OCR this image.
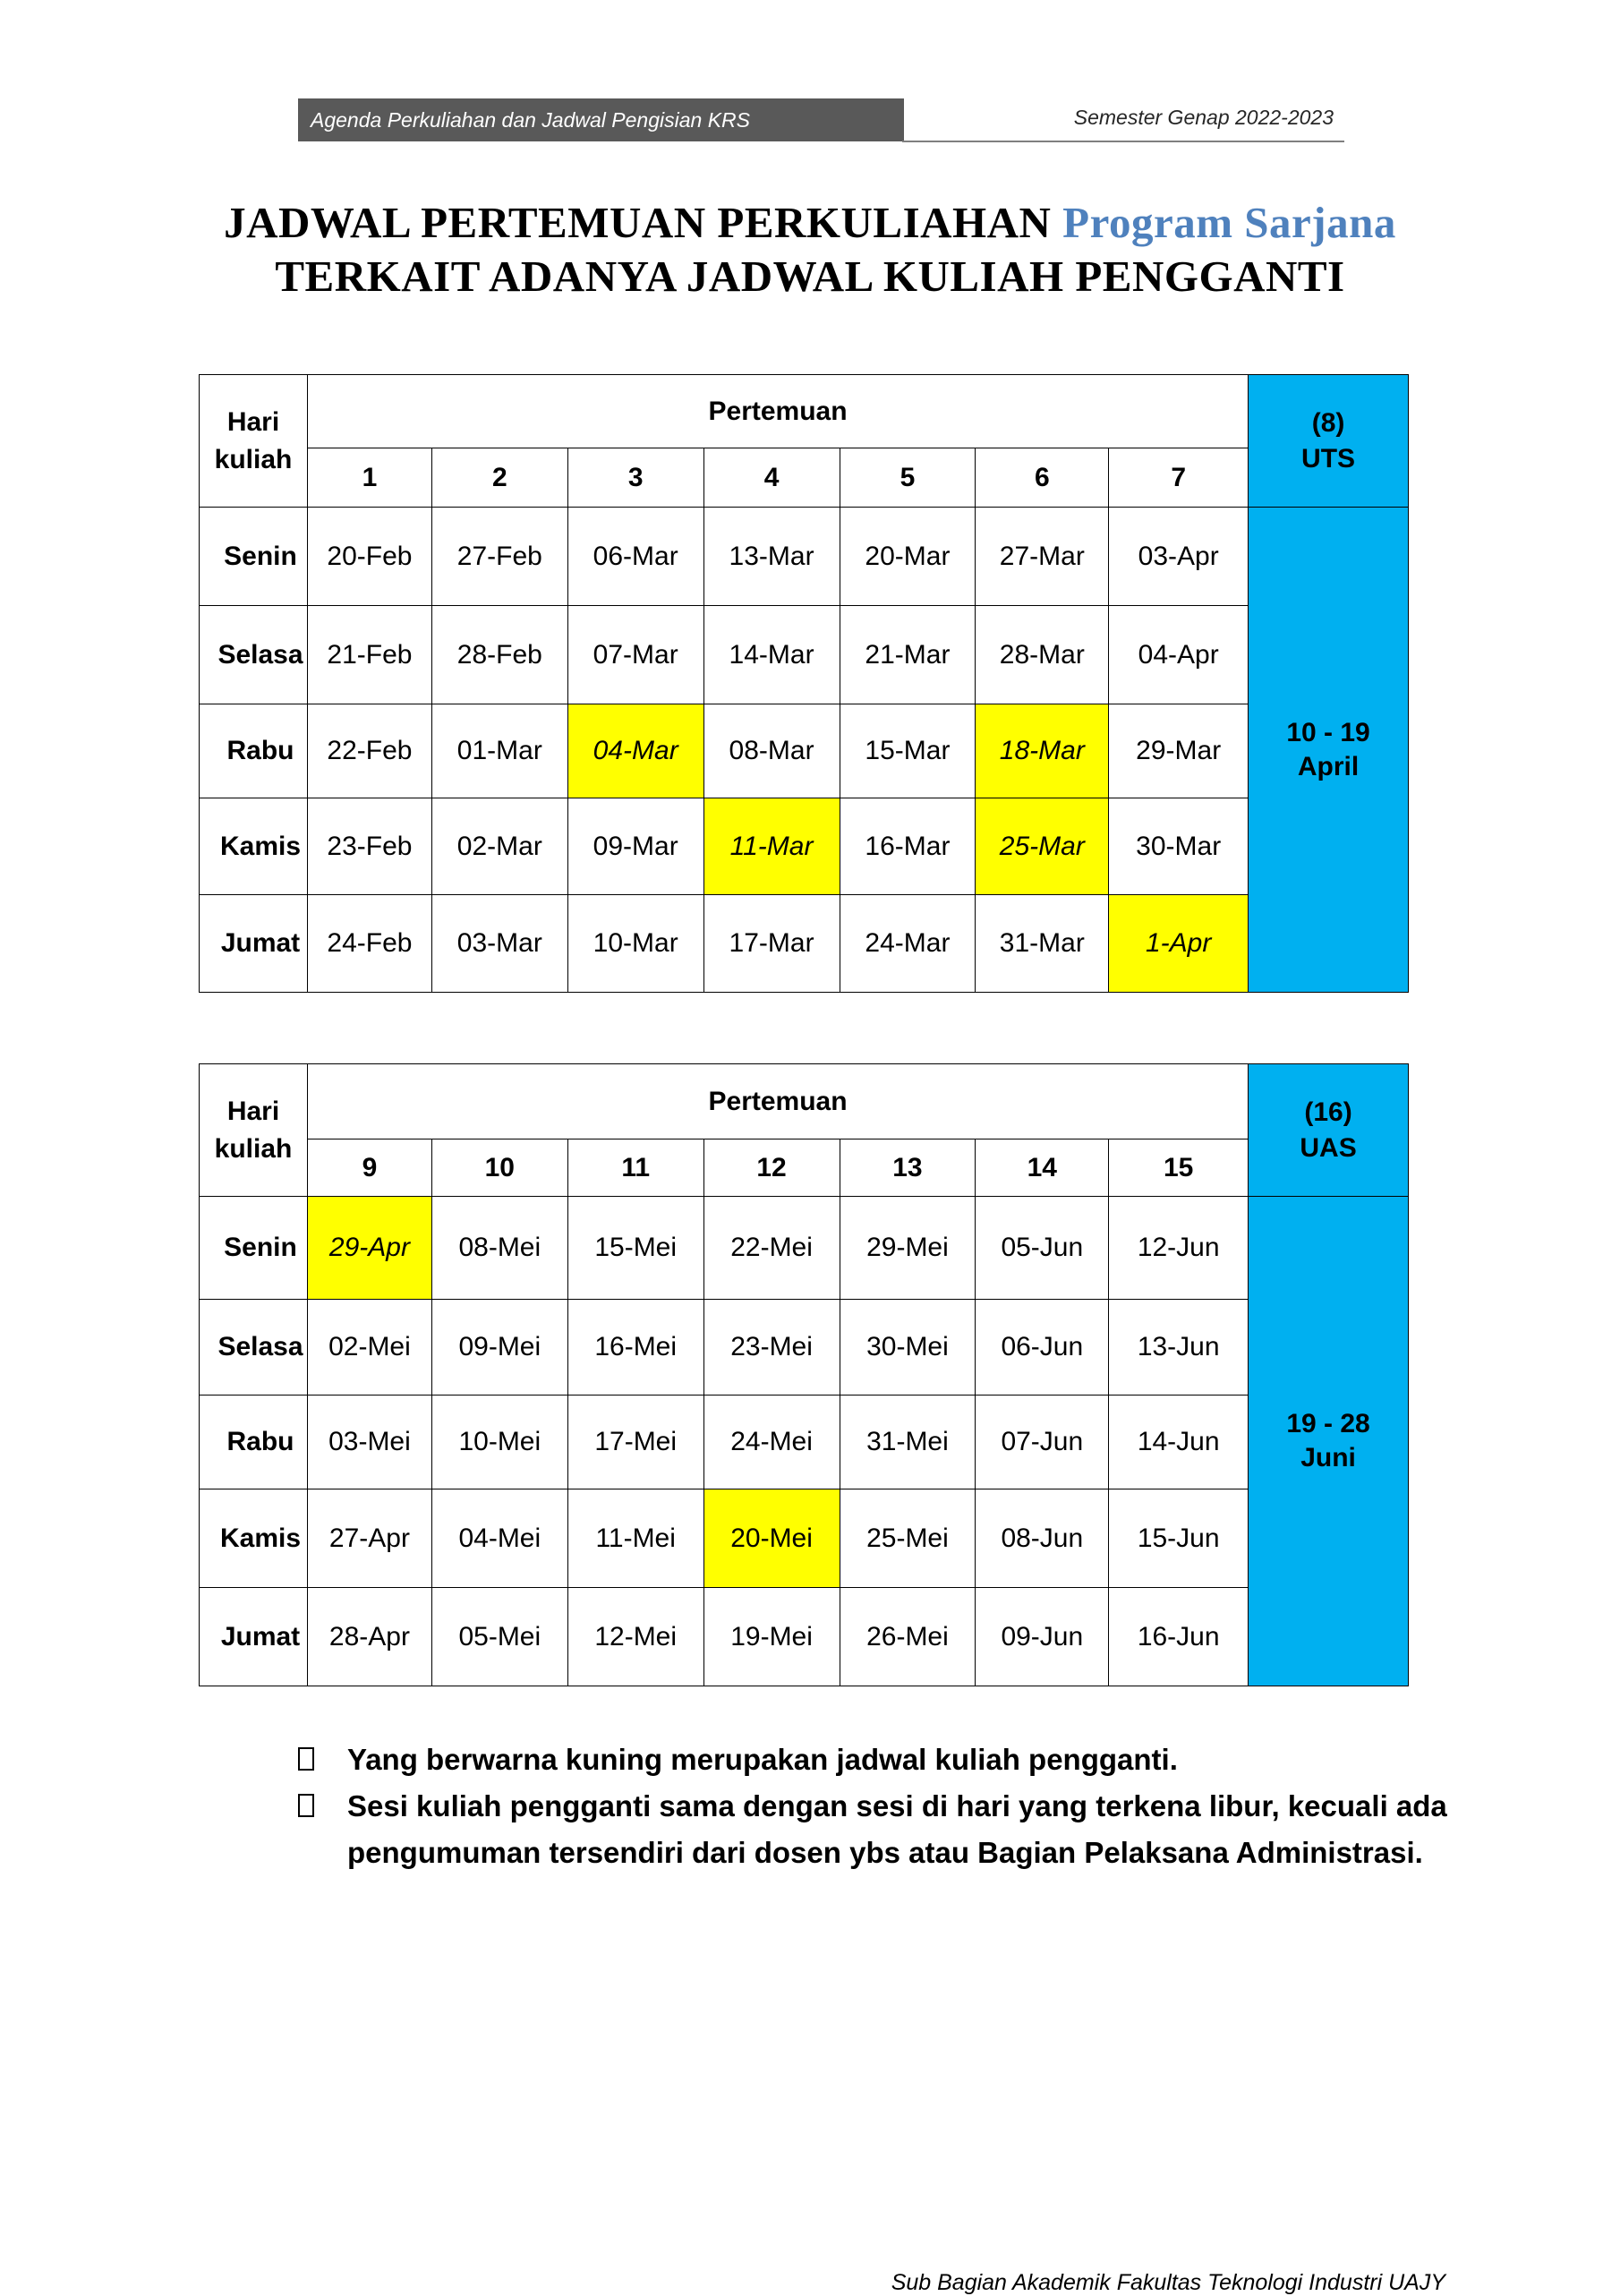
Agenda Perkuliahan dan Jadwal Pengisian KRS	Semester Genap 2022-2023
JADWAL PERTEMUAN PERKULIAHAN Program Sarjana
TERKAIT ADANYA JADWAL KULIAH PENGGANTI
Hari
kuliah	Pertemuan							(8)
UTS
	1	2	3	4	5	6	7	
Senin	20-Feb	27-Feb	06-Mar	13-Mar	20-Mar	27-Mar	03-Apr	10 - 19
April
Selasa	21-Feb	28-Feb	07-Mar	14-Mar	21-Mar	28-Mar	04-Apr	
Rabu	22-Feb	01-Mar	04-Mar	08-Mar	15-Mar	18-Mar	29-Mar	
Kamis	23-Feb	02-Mar	09-Mar	11-Mar	16-Mar	25-Mar	30-Mar	
Jumat	24-Feb	03-Mar	10-Mar	17-Mar	24-Mar	31-Mar	1-Apr	
Hari
kuliah	Pertemuan							(16)
UAS
	9	10	11	12	13	14	15	
Senin	29-Apr	08-Mei	15-Mei	22-Mei	29-Mei	05-Jun	12-Jun	19 - 28
Juni
Selasa	02-Mei	09-Mei	16-Mei	23-Mei	30-Mei	06-Jun	13-Jun	
Rabu	03-Mei	10-Mei	17-Mei	24-Mei	31-Mei	07-Jun	14-Jun	
Kamis	27-Apr	04-Mei	11-Mei	20-Mei	25-Mei	08-Jun	15-Jun	
Jumat	28-Apr	05-Mei	12-Mei	19-Mei	26-Mei	09-Jun	16-Jun	
Yang berwarna kuning merupakan jadwal kuliah pengganti.
Sesi kuliah pengganti sama dengan sesi di hari yang terkena libur, kecuali ada pengumuman tersendiri dari dosen ybs atau Bagian Pelaksana Administrasi.
Sub Bagian Akademik Fakultas Teknologi Industri UAJY
